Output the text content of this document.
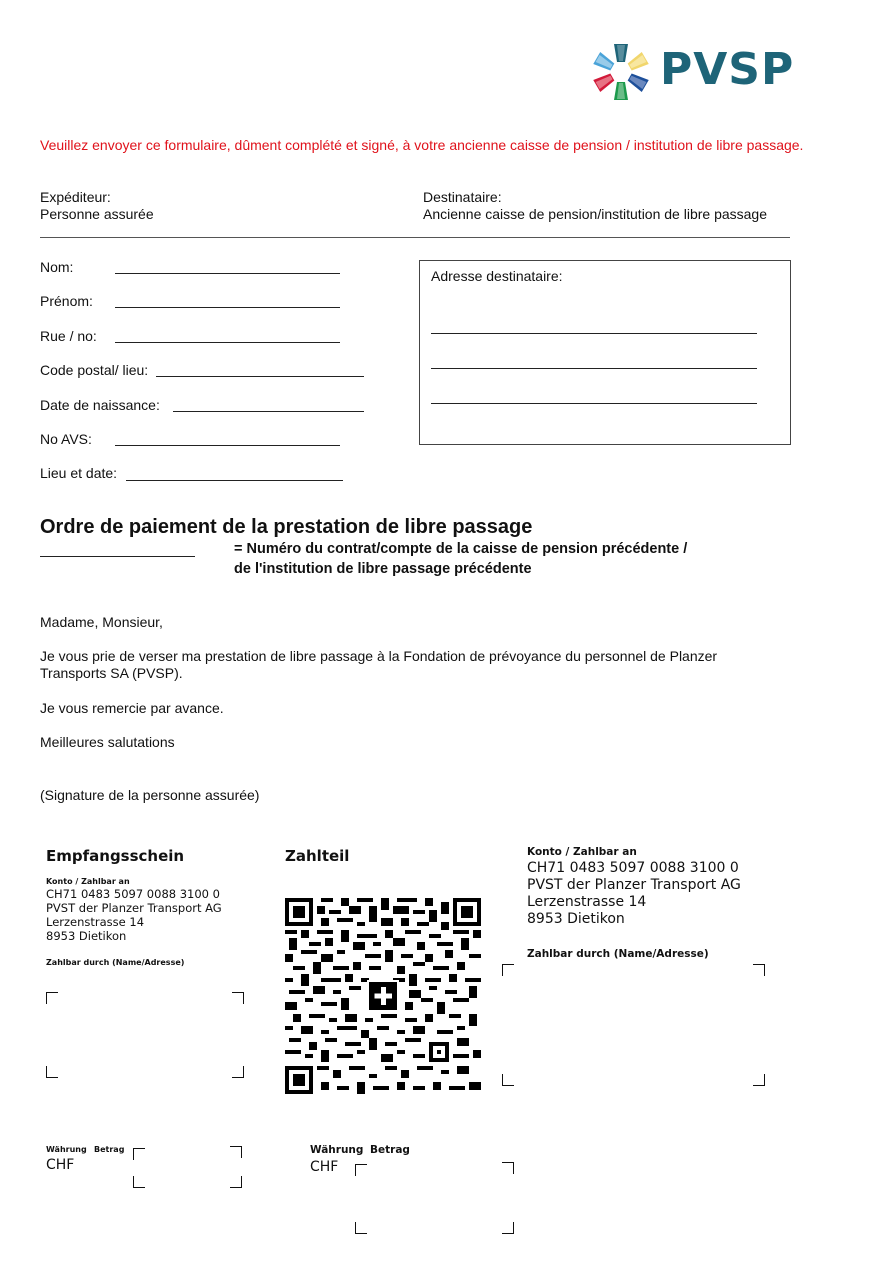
PVSP
Veuillez envoyer ce formulaire, dûment complété et signé, à votre ancienne caisse de pension / institution de libre passage.
Expéditeur:
Personne assurée
Destinataire:
Ancienne caisse de pension/institution de libre passage
Nom:
Prénom:
Rue / no:
Code postal/ lieu:
Date de naissance:
No AVS:
Lieu et date:
Adresse destinataire:
Ordre de paiement de la prestation de libre passage
= Numéro du contrat/compte de la caisse de pension précédente /
de l'institution de libre passage précédente
Madame, Monsieur,
Je vous prie de verser ma prestation de libre passage à la Fondation de prévoyance du personnel de Planzer Transports SA (PVSP).
Je vous remercie par avance.
Meilleures salutations
(Signature de la personne assurée)
Empfangsschein
Konto / Zahlbar an
CH71 0483 5097 0088 3100 0
PVST der Planzer Transport AG
Lerzenstrasse 14
8953 Dietikon
Zahlbar durch (Name/Adresse)
Währung Betrag
CHF
Zahlteil
Währung Betrag
CHF
Konto / Zahlbar an
CH71 0483 5097 0088 3100 0
PVST der Planzer Transport AG
Lerzenstrasse 14
8953 Dietikon
Zahlbar durch (Name/Adresse)
